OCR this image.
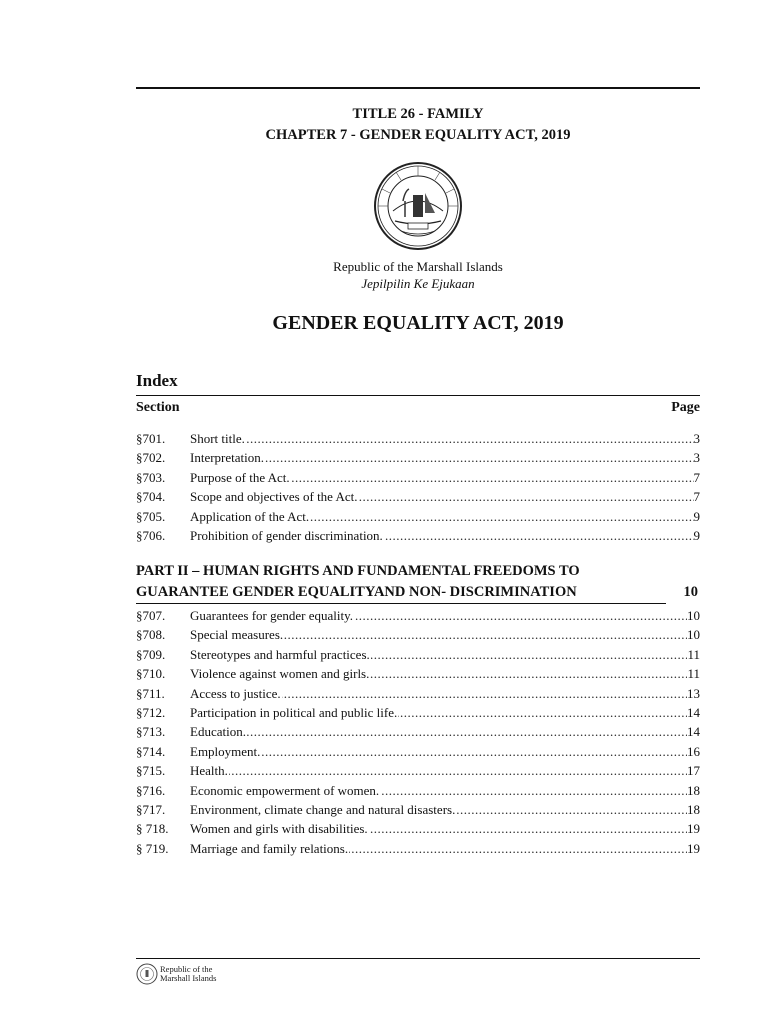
TITLE 26 - FAMILY
CHAPTER 7 - GENDER EQUALITY ACT, 2019
Republic of the Marshall Islands
Jepilpilin Ke Ejukaan
GENDER EQUALITY ACT, 2019
Index
Section	Page
§701.	Short title. .....	3
§702.	Interpretation. .....	3
§703.	Purpose of the Act. .....	7
§704.	Scope and objectives of the Act. .....	7
§705.	Application of the Act. .....	9
§706.	Prohibition of gender discrimination. .....	9
PART II – HUMAN RIGHTS AND FUNDAMENTAL FREEDOMS TO
GUARANTEE GENDER EQUALITYAND NON- DISCRIMINATION	10
§707.	Guarantees for gender equality. .....	10
§708.	Special measures. .....	10
§709.	Stereotypes and harmful practices. .....	11
§710.	Violence against women and girls. .....	11
§711.	Access to justice. .....	13
§712.	Participation in political and public life. .....	14
§713.	Education. .....	14
§714.	Employment. .....	16
§715.	Health. .....	17
§716.	Economic empowerment of women. .....	18
§717.	Environment, climate change and natural disasters. .....	18
§ 718.	Women and girls with disabilities. .....	19
§ 719.	Marriage and family relations. .....	19
Republic of the
Marshall Islands
